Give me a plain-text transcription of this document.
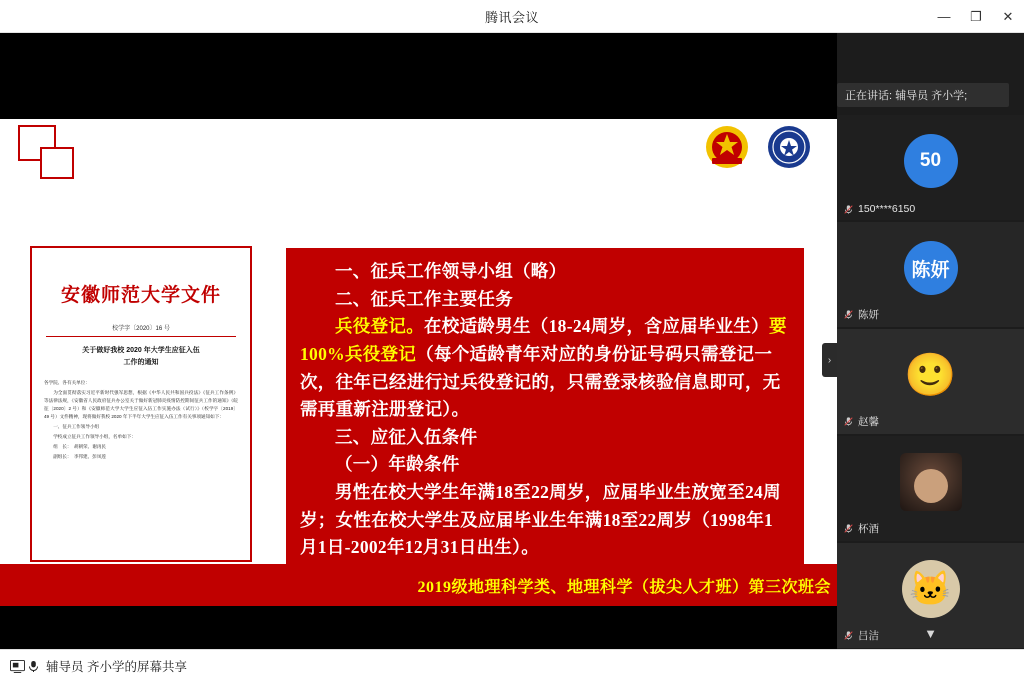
腾讯会议	—	❐	✕
安徽师范大学文件
校学字〔2020〕16 号
关于做好我校 2020 年大学生应征入伍
工作的通知

各学院、各有关单位：

为全面贯彻落实习近平新时代强军思想，根据《中华人民共和国兵役法》《征兵工作条例》等法律法规，《安徽省人民政府征兵办公室关于做好新冠肺炎疫情防控期间征兵工作的通知》（皖征〔2020〕2 号）和《安徽师范大学大学生应征入伍工作实施办法（试行）》（校学字〔2019〕49 号）文件精神，现将做好我校 2020 年下半年大学生应征入伍工作有关事项通知如下：

一、征兵工作领导小组

学校成立征兵工作领导小组，名单如下：

组　长：　胡朝荣、谢再民

副组长：　李邦建、彭凤莲

一、征兵工作领导小组（略）

二、征兵工作主要任务

兵役登记。在校适龄男生（18-24周岁，含应届毕业生）要100%兵役登记（每个适龄青年对应的身份证号码只需登记一次，往年已经进行过兵役登记的，只需登录核验信息即可，无需再重新注册登记）。

三、应征入伍条件

（一）年龄条件

男性在校大学生年满18至22周岁，应届毕业生放宽至24周岁；女性在校大学生及应届毕业生年满18至22周岁（1998年1月1日-2002年12月31日出生）。

2019级地理科学类、地理科学（拔尖人才班）第三次班会
›
正在讲话: 辅导员 齐小学;
50
150****6150
陈妍
陈妍
🙂
赵馨
杯酒
🐱
吕洁	▼
辅导员 齐小学的屏幕共享
